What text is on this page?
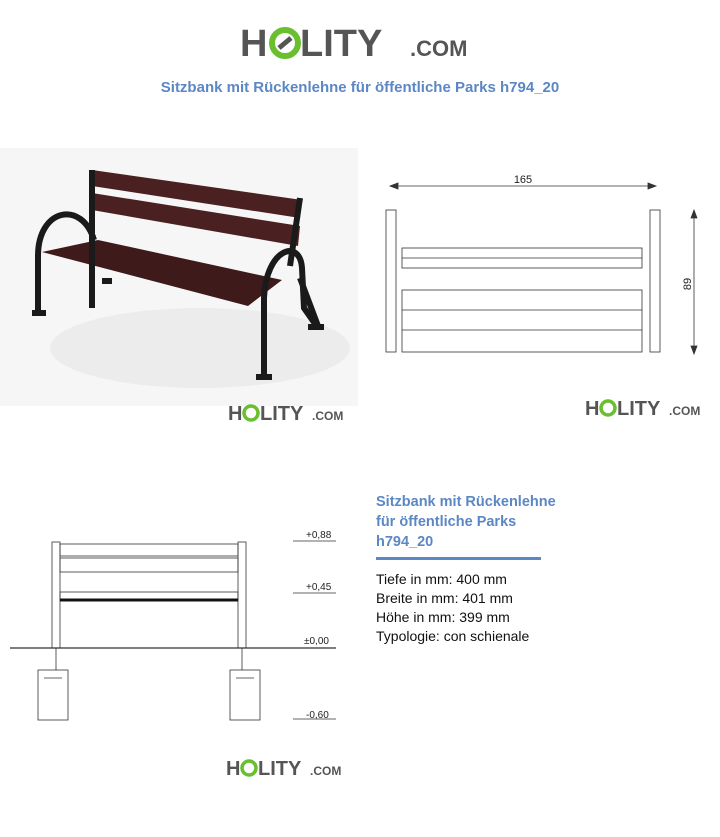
H LITY .COM
Sitzbank mit Rückenlehne für öffentliche Parks h794_20
H LITY .COM
165
89
H LITY .COM
+0,88
+0,45
±0,00
-0,60
Sitzbank mit Rückenlehne
für öffentliche Parks
h794_20
Tiefe in mm: 400 mm
Breite in mm: 401 mm
Höhe in mm: 399 mm
Typologie: con schienale
H LITY .COM
